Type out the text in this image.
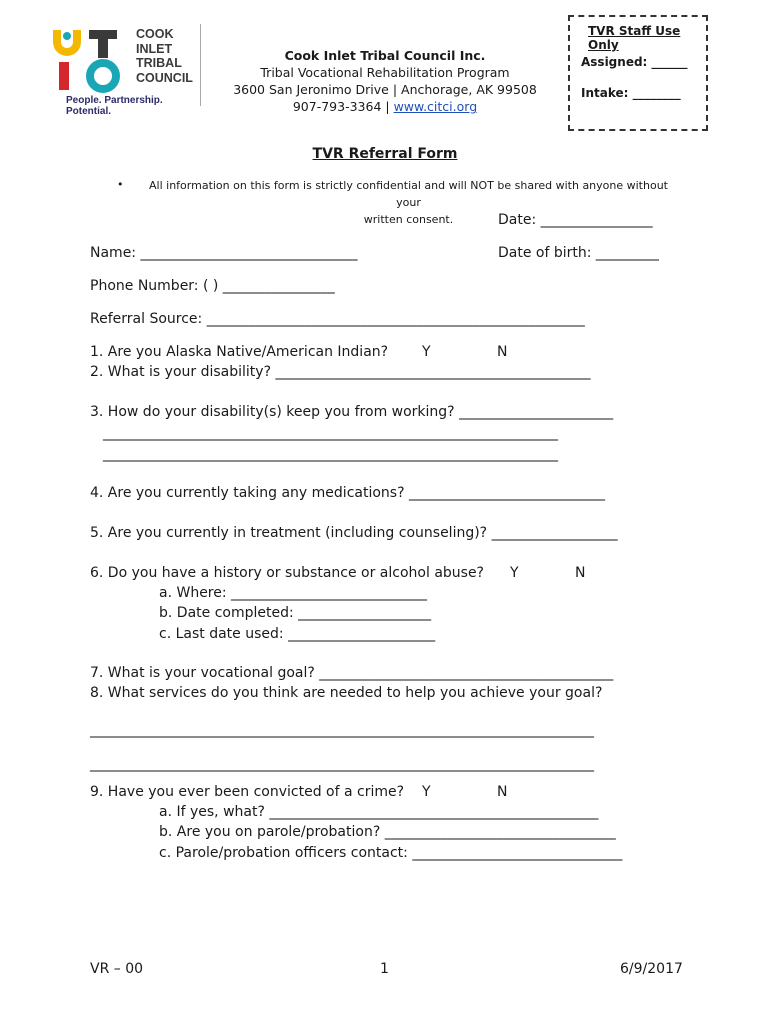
COOK
INLET
TRIBAL
COUNCIL
People. Partnership. Potential.
Cook Inlet Tribal Council Inc.
Tribal Vocational Rehabilitation Program
3600 San Jeronimo Drive | Anchorage, AK 99508
907-793-3364 | www.citci.org
TVR Staff Use Only
Assigned: ______
Intake: ________
TVR Referral Form
•	All information on this form is strictly confidential and will NOT be shared with anyone without your
written consent.	Date: ________________
Name: _______________________________	Date of birth: _________
Phone Number: ( ) ________________
Referral Source: ______________________________________________________
1. Are you Alaska Native/American Indian? Y	N
2. What is your disability? _____________________________________________
3. How do your disability(s) keep you from working? ______________________
_________________________________________________________________
_________________________________________________________________
4. Are you currently taking any medications? ____________________________
5. Are you currently in treatment (including counseling)? __________________
6. Do you have a history or substance or alcohol abuse? Y	N
a. Where: ____________________________
b. Date completed: ___________________
c. Last date used: _____________________
7. What is your vocational goal? __________________________________________
8. What services do you think are needed to help you achieve your goal?
________________________________________________________________________
________________________________________________________________________
9. Have you ever been convicted of a crime? Y	N
a. If yes, what? _______________________________________________
b. Are you on parole/probation? _________________________________
c. Parole/probation officers contact: ______________________________
VR – 00	1	6/9/2017
